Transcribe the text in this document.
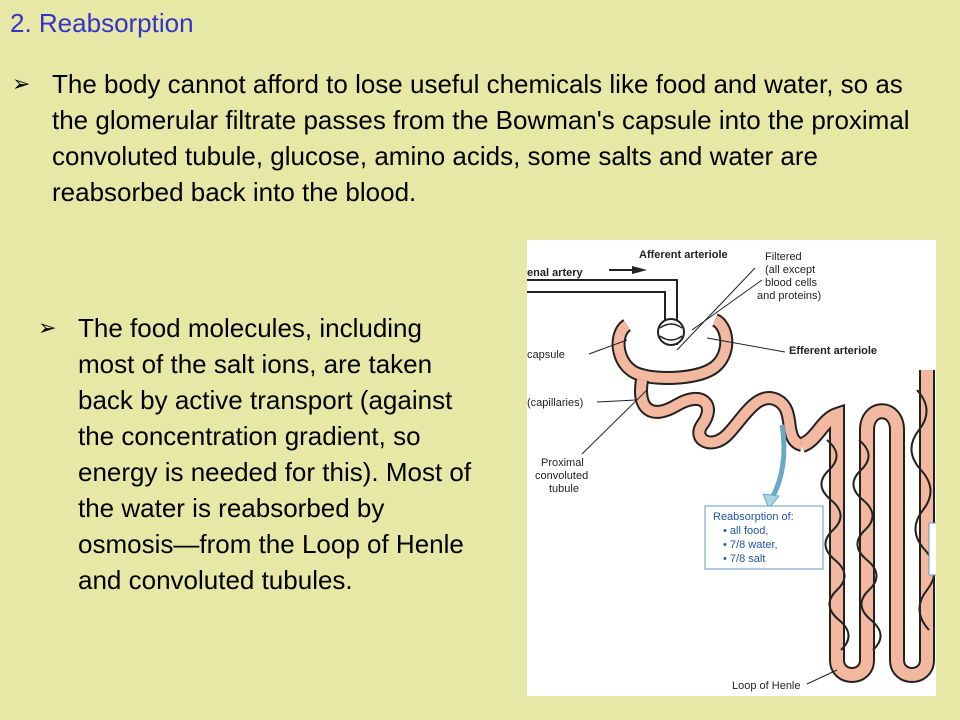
2. Reabsorption
➢ The body cannot afford to lose useful chemicals like food and water, so as the glomerular filtrate passes from the Bowman's capsule into the proximal convoluted tubule, glucose, amino acids, some salts and water are reabsorbed back into the blood.
➢ The food molecules, including most of the salt ions, are taken back by active transport (against the concentration gradient, so energy is needed for this). Most of the water is reabsorbed by osmosis—from the Loop of Henle and convoluted tubules.
Afferent arteriole
enal artery
Filtered
(all except
blood cells
and proteins)
capsule	Efferent arteriole
(capillaries)
Proximal
convoluted
tubule
Reabsorption of:
• all food,
• 7/8 water,
• 7/8 salt
Loop of Henle
